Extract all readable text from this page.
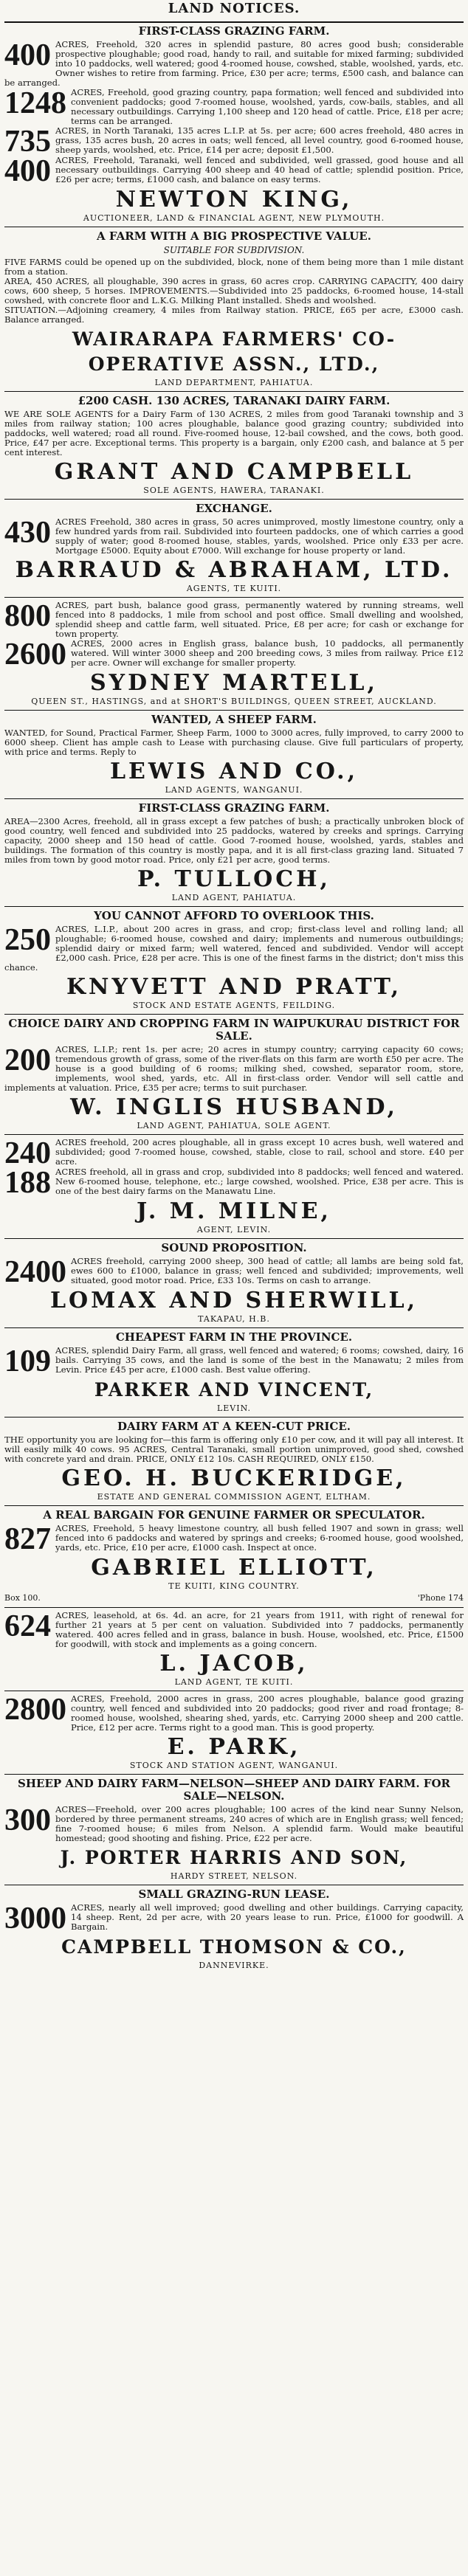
LAND NOTICES.
FIRST-CLASS GRAZING FARM.
400 ACRES, Freehold, 320 acres in splendid pasture, 80 acres good bush; considerable prospective ploughable; good road, handy to rail, and suitable for mixed farming; subdivided into 10 paddocks, well watered; good 4-roomed house, cowshed, stable, woolshed, yards, etc. Owner wishes to retire from farming. Price, £30 per acre; terms, £500 cash, and balance can be arranged.

1248 ACRES, Freehold, good grazing country, papa formation; well fenced and subdivided into convenient paddocks; good 7-roomed house, woolshed, yards, cow-bails, stables, and all necessary outbuildings. Carrying 1,100 sheep and 120 head of cattle. Price, £18 per acre; terms can be arranged.

735 ACRES, in North Taranaki, 135 acres L.I.P. at 5s. per acre; 600 acres freehold, 480 acres in grass, 135 acres bush, 20 acres in oats; well fenced, all level country, good 6-roomed house, sheep yards, woolshed, etc. Price, £14 per acre; deposit £1,500.

400 ACRES, Freehold, Taranaki, well fenced and subdivided, well grassed, good house and all necessary outbuildings. Carrying 400 sheep and 40 head of cattle; splendid position. Price, £26 per acre; terms, £1000 cash, and balance on easy terms.

NEWTON KING,
AUCTIONEER, LAND & FINANCIAL AGENT, NEW PLYMOUTH.
A FARM WITH A BIG PROSPECTIVE VALUE.
SUITABLE FOR SUBDIVISION.

FIVE FARMS could be opened up on the subdivided, block, none of them being more than 1 mile distant from a station.

AREA, 450 ACRES, all ploughable, 390 acres in grass, 60 acres crop. CARRYING CAPACITY, 400 dairy cows, 600 sheep, 5 horses. IMPROVEMENTS.—Subdivided into 25 paddocks, 6-roomed house, 14-stall cowshed, with concrete floor and L.K.G. Milking Plant installed. Sheds and woolshed.

SITUATION.—Adjoining creamery, 4 miles from Railway station. PRICE, £65 per acre, £3000 cash. Balance arranged.

WAIRARAPA FARMERS' CO-OPERATIVE ASSN., LTD.,
LAND DEPARTMENT, PAHIATUA.
£200 CASH. 130 ACRES, TARANAKI DAIRY FARM.

WE ARE SOLE AGENTS for a Dairy Farm of 130 ACRES, 2 miles from good Taranaki township and 3 miles from railway station; 100 acres ploughable, balance good grazing country; subdivided into paddocks, well watered; road all round. Five-roomed house, 12-bail cowshed, and the cows, both good. Price, £47 per acre. Exceptional terms. This property is a bargain, only £200 cash, and balance at 5 per cent interest.

GRANT AND CAMPBELL
SOLE AGENTS, HAWERA, TARANAKI.
EXCHANGE.
430 ACRES Freehold, 380 acres in grass, 50 acres unimproved, mostly limestone country, only a few hundred yards from rail. Subdivided into fourteen paddocks, one of which carries a good supply of water; good 8-roomed house, stables, yards, woolshed. Price only £33 per acre. Mortgage £5000. Equity about £7000. Will exchange for house property or land.

BARRAUD & ABRAHAM, LTD.
AGENTS, TE KUITI.
800 ACRES, part bush, balance good grass, permanently watered by running streams, well fenced into 8 paddocks, 1 mile from school and post office. Small dwelling and woolshed, splendid sheep and cattle farm, well situated. Price, £8 per acre; for cash or exchange for town property.

2600 ACRES, 2000 acres in English grass, balance bush, 10 paddocks, all permanently watered. Will winter 3000 sheep and 200 breeding cows, 3 miles from railway. Price £12 per acre. Owner will exchange for smaller property.

SYDNEY MARTELL,
QUEEN ST., HASTINGS, and at SHORT'S BUILDINGS, QUEEN STREET, AUCKLAND.
WANTED, A SHEEP FARM.

WANTED, for Sound, Practical Farmer, Sheep Farm, 1000 to 3000 acres, fully improved, to carry 2000 to 6000 sheep. Client has ample cash to Lease with purchasing clause. Give full particulars of property, with price and terms. Reply to

LEWIS AND CO.,
LAND AGENTS, WANGANUI.
FIRST-CLASS GRAZING FARM.

AREA—2300 Acres, freehold, all in grass except a few patches of bush; a practically unbroken block of good country, well fenced and subdivided into 25 paddocks, watered by creeks and springs. Carrying capacity, 2000 sheep and 150 head of cattle. Good 7-roomed house, woolshed, yards, stables and buildings. The formation of this country is mostly papa, and it is all first-class grazing land. Situated 7 miles from town by good motor road. Price, only £21 per acre, good terms.

P. TULLOCH,
LAND AGENT, PAHIATUA.
YOU CANNOT AFFORD TO OVERLOOK THIS.
250 ACRES, L.I.P., about 200 acres in grass, and crop; first-class level and rolling land; all ploughable; 6-roomed house, cowshed and dairy; implements and numerous outbuildings; splendid dairy or mixed farm; well watered, fenced and subdivided. Vendor will accept £2,000 cash. Price, £28 per acre. This is one of the finest farms in the district; don't miss this chance.

KNYVETT AND PRATT,
STOCK AND ESTATE AGENTS, FEILDING.
CHOICE DAIRY AND CROPPING FARM IN WAIPUKURAU DISTRICT FOR SALE.
200 ACRES, L.I.P.; rent 1s. per acre; 20 acres in stumpy country; carrying capacity 60 cows; tremendous growth of grass, some of the river-flats on this farm are worth £50 per acre. The house is a good building of 6 rooms; milking shed, cowshed, separator room, store, implements, wool shed, yards, etc. All in first-class order. Vendor will sell cattle and implements at valuation. Price, £35 per acre; terms to suit purchaser.

W. INGLIS HUSBAND,
LAND AGENT, PAHIATUA, SOLE AGENT.
240 ACRES freehold, 200 acres ploughable, all in grass except 10 acres bush, well watered and subdivided; good 7-roomed house, cowshed, stable, close to rail, school and store. £40 per acre.

188 ACRES freehold, all in grass and crop, subdivided into 8 paddocks; well fenced and watered. New 6-roomed house, telephone, etc.; large cowshed, woolshed. Price, £38 per acre. This is one of the best dairy farms on the Manawatu Line.

J. M. MILNE,
AGENT, LEVIN.
SOUND PROPOSITION.
2400 ACRES freehold, carrying 2000 sheep, 300 head of cattle; all lambs are being sold fat, ewes 600 to £1000, balance in grass; well fenced and subdivided; improvements, well situated, good motor road. Price, £33 10s. Terms on cash to arrange.

LOMAX AND SHERWILL,
TAKAPAU, H.B.
CHEAPEST FARM IN THE PROVINCE.
109 ACRES, splendid Dairy Farm, all grass, well fenced and watered; 6 rooms; cowshed, dairy, 16 bails. Carrying 35 cows, and the land is some of the best in the Manawatu; 2 miles from Levin. Price £45 per acre, £1000 cash. Best value offering.

PARKER AND VINCENT,
LEVIN.
DAIRY FARM AT A KEEN-CUT PRICE.

THE opportunity you are looking for—this farm is offering only £10 per cow, and it will pay all interest. It will easily milk 40 cows. 95 ACRES, Central Taranaki, small portion unimproved, good shed, cowshed with concrete yard and drain. PRICE, ONLY £12 10s. CASH REQUIRED, ONLY £150.

GEO. H. BUCKERIDGE,
ESTATE AND GENERAL COMMISSION AGENT, ELTHAM.
A REAL BARGAIN FOR GENUINE FARMER OR SPECULATOR.
827 ACRES, Freehold, 5 heavy limestone country, all bush felled 1907 and sown in grass; well fenced into 6 paddocks and watered by springs and creeks; 6-roomed house, good woolshed, yards, etc. Price, £10 per acre, £1000 cash. Inspect at once.

GABRIEL ELLIOTT,
TE KUITI, KING COUNTRY.
Box 100.	'Phone 174
624 ACRES, leasehold, at 6s. 4d. an acre, for 21 years from 1911, with right of renewal for further 21 years at 5 per cent on valuation. Subdivided into 7 paddocks, permanently watered. 400 acres felled and in grass, balance in bush. House, woolshed, etc. Price, £1500 for goodwill, with stock and implements as a going concern.

L. JACOB,
LAND AGENT, TE KUITI.
2800 ACRES, Freehold, 2000 acres in grass, 200 acres ploughable, balance good grazing country, well fenced and subdivided into 20 paddocks; good river and road frontage; 8-roomed house, woolshed, shearing shed, yards, etc. Carrying 2000 sheep and 200 cattle. Price, £12 per acre. Terms right to a good man. This is good property.

E. PARK,
STOCK AND STATION AGENT, WANGANUI.
SHEEP AND DAIRY FARM—NELSON—SHEEP AND DAIRY FARM. FOR SALE—NELSON.
300 ACRES—Freehold, over 200 acres ploughable; 100 acres of the kind near Sunny Nelson, bordered by three permanent streams, 240 acres of which are in English grass; well fenced; fine 7-roomed house; 6 miles from Nelson. A splendid farm. Would make beautiful homestead; good shooting and fishing. Price, £22 per acre.

J. PORTER HARRIS AND SON,
HARDY STREET, NELSON.
SMALL GRAZING-RUN LEASE.
3000 ACRES, nearly all well improved; good dwelling and other buildings. Carrying capacity, 14 sheep. Rent, 2d per acre, with 20 years lease to run. Price, £1000 for goodwill. A Bargain.

CAMPBELL THOMSON & CO.,
DANNEVIRKE.
